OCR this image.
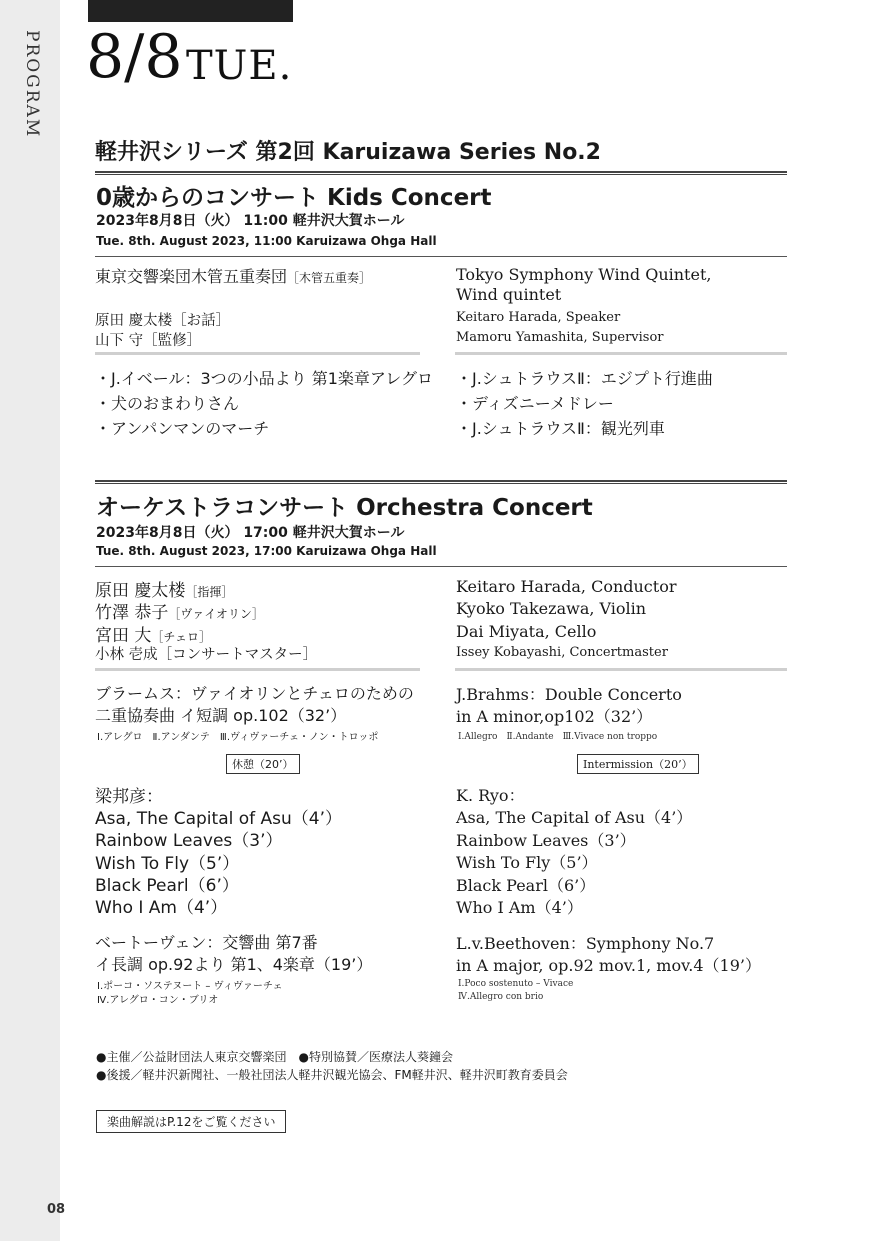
PROGRAM
08
8/8 TUE.
軽井沢シリーズ 第2回 Karuizawa Series No.2
0歳からのコンサート Kids Concert
2023年8月8日（火） 11:00 軽井沢大賀ホール
Tue. 8th. August 2023, 11:00 Karuizawa Ohga Hall
東京交響楽団木管五重奏団［木管五重奏］	Tokyo Symphony Wind Quintet,
Wind quintet
原田 慶太楼［お話］
山下 守［監修］
Keitaro Harada, Speaker
Mamoru Yamashita, Supervisor
・J.イベール：3つの小品より 第1楽章アレグロ
・犬のおまわりさん
・アンパンマンのマーチ
・J.シュトラウスⅡ：エジプト行進曲
・ディズニーメドレー
・J.シュトラウスⅡ：観光列車
オーケストラコンサート Orchestra Concert
2023年8月8日（火） 17:00 軽井沢大賀ホール
Tue. 8th. August 2023, 17:00 Karuizawa Ohga Hall
原田 慶太楼［指揮］
竹澤 恭子［ヴァイオリン］
宮田 大［チェロ］
小林 壱成［コンサートマスター］
Keitaro Harada, Conductor
Kyoko Takezawa, Violin
Dai Miyata, Cello
Issey Kobayashi, Concertmaster
ブラームス：ヴァイオリンとチェロのための
二重協奏曲 イ短調 op.102（32’）
Ⅰ.アレグロ　Ⅱ.アンダンテ　Ⅲ.ヴィヴァーチェ・ノン・トロッポ
J.Brahms：Double Concerto
in A minor,op102（32’）
Ⅰ.Allegro　Ⅱ.Andante　Ⅲ.Vivace non troppo
休憩（20’）	Intermission（20’）
梁邦彦：
Asa, The Capital of Asu（4’）
Rainbow Leaves（3’）
Wish To Fly（5’）
Black Pearl（6’）
Who I Am（4’）
K. Ryo：
Asa, The Capital of Asu（4’）
Rainbow Leaves（3’）
Wish To Fly（5’）
Black Pearl（6’）
Who I Am（4’）
ベートーヴェン：交響曲 第7番
イ長調 op.92より 第1、4楽章（19’）
Ⅰ.ポーコ・ソステヌート – ヴィヴァーチェ
Ⅳ.アレグロ・コン・ブリオ
L.v.Beethoven：Symphony No.7
in A major, op.92 mov.1, mov.4（19’）
Ⅰ.Poco sostenuto – Vivace
Ⅳ.Allegro con brio
●主催／公益財団法人東京交響楽団　●特別協賛／医療法人葵鐘会
●後援／軽井沢新聞社、一般社団法人軽井沢観光協会、FM軽井沢、軽井沢町教育委員会
楽曲解説はP.12をご覧ください
